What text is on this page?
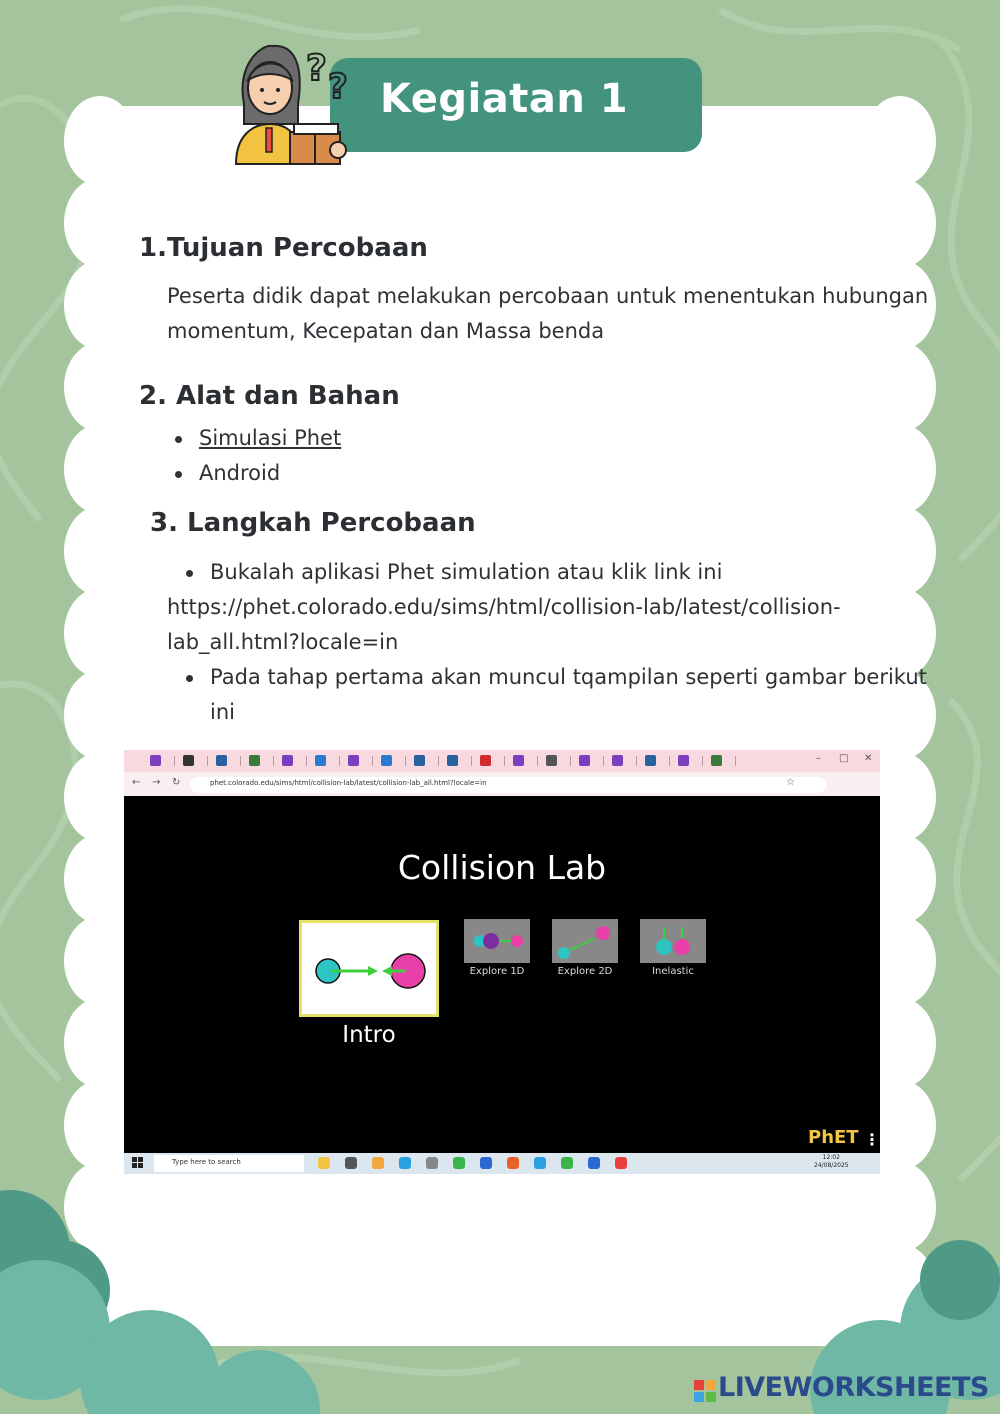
Kegiatan 1
? ?
1.Tujuan Percobaan
Peserta didik dapat melakukan percobaan untuk menentukan hubungan
momentum, Kecepatan dan Massa benda
2. Alat dan Bahan
Simulasi Phet
Android
3. Langkah Percobaan
Bukalah aplikasi Phet simulation atau klik link ini
https://phet.colorado.edu/sims/html/collision-lab/latest/collision-
lab_all.html?locale=in
Pada tahap pertama akan muncul tqampilan seperti gambar berikut
ini
– □ ✕
← → ↻	phet.colorado.edu/sims/html/collision-lab/latest/collision-lab_all.html?locale=in	☆
Collision Lab
Intro
Explore 1D	Explore 2D	Inelastic
PhET ⋮
Type here to search
12:02
24/08/2025
LIVEWORKSHEETS
